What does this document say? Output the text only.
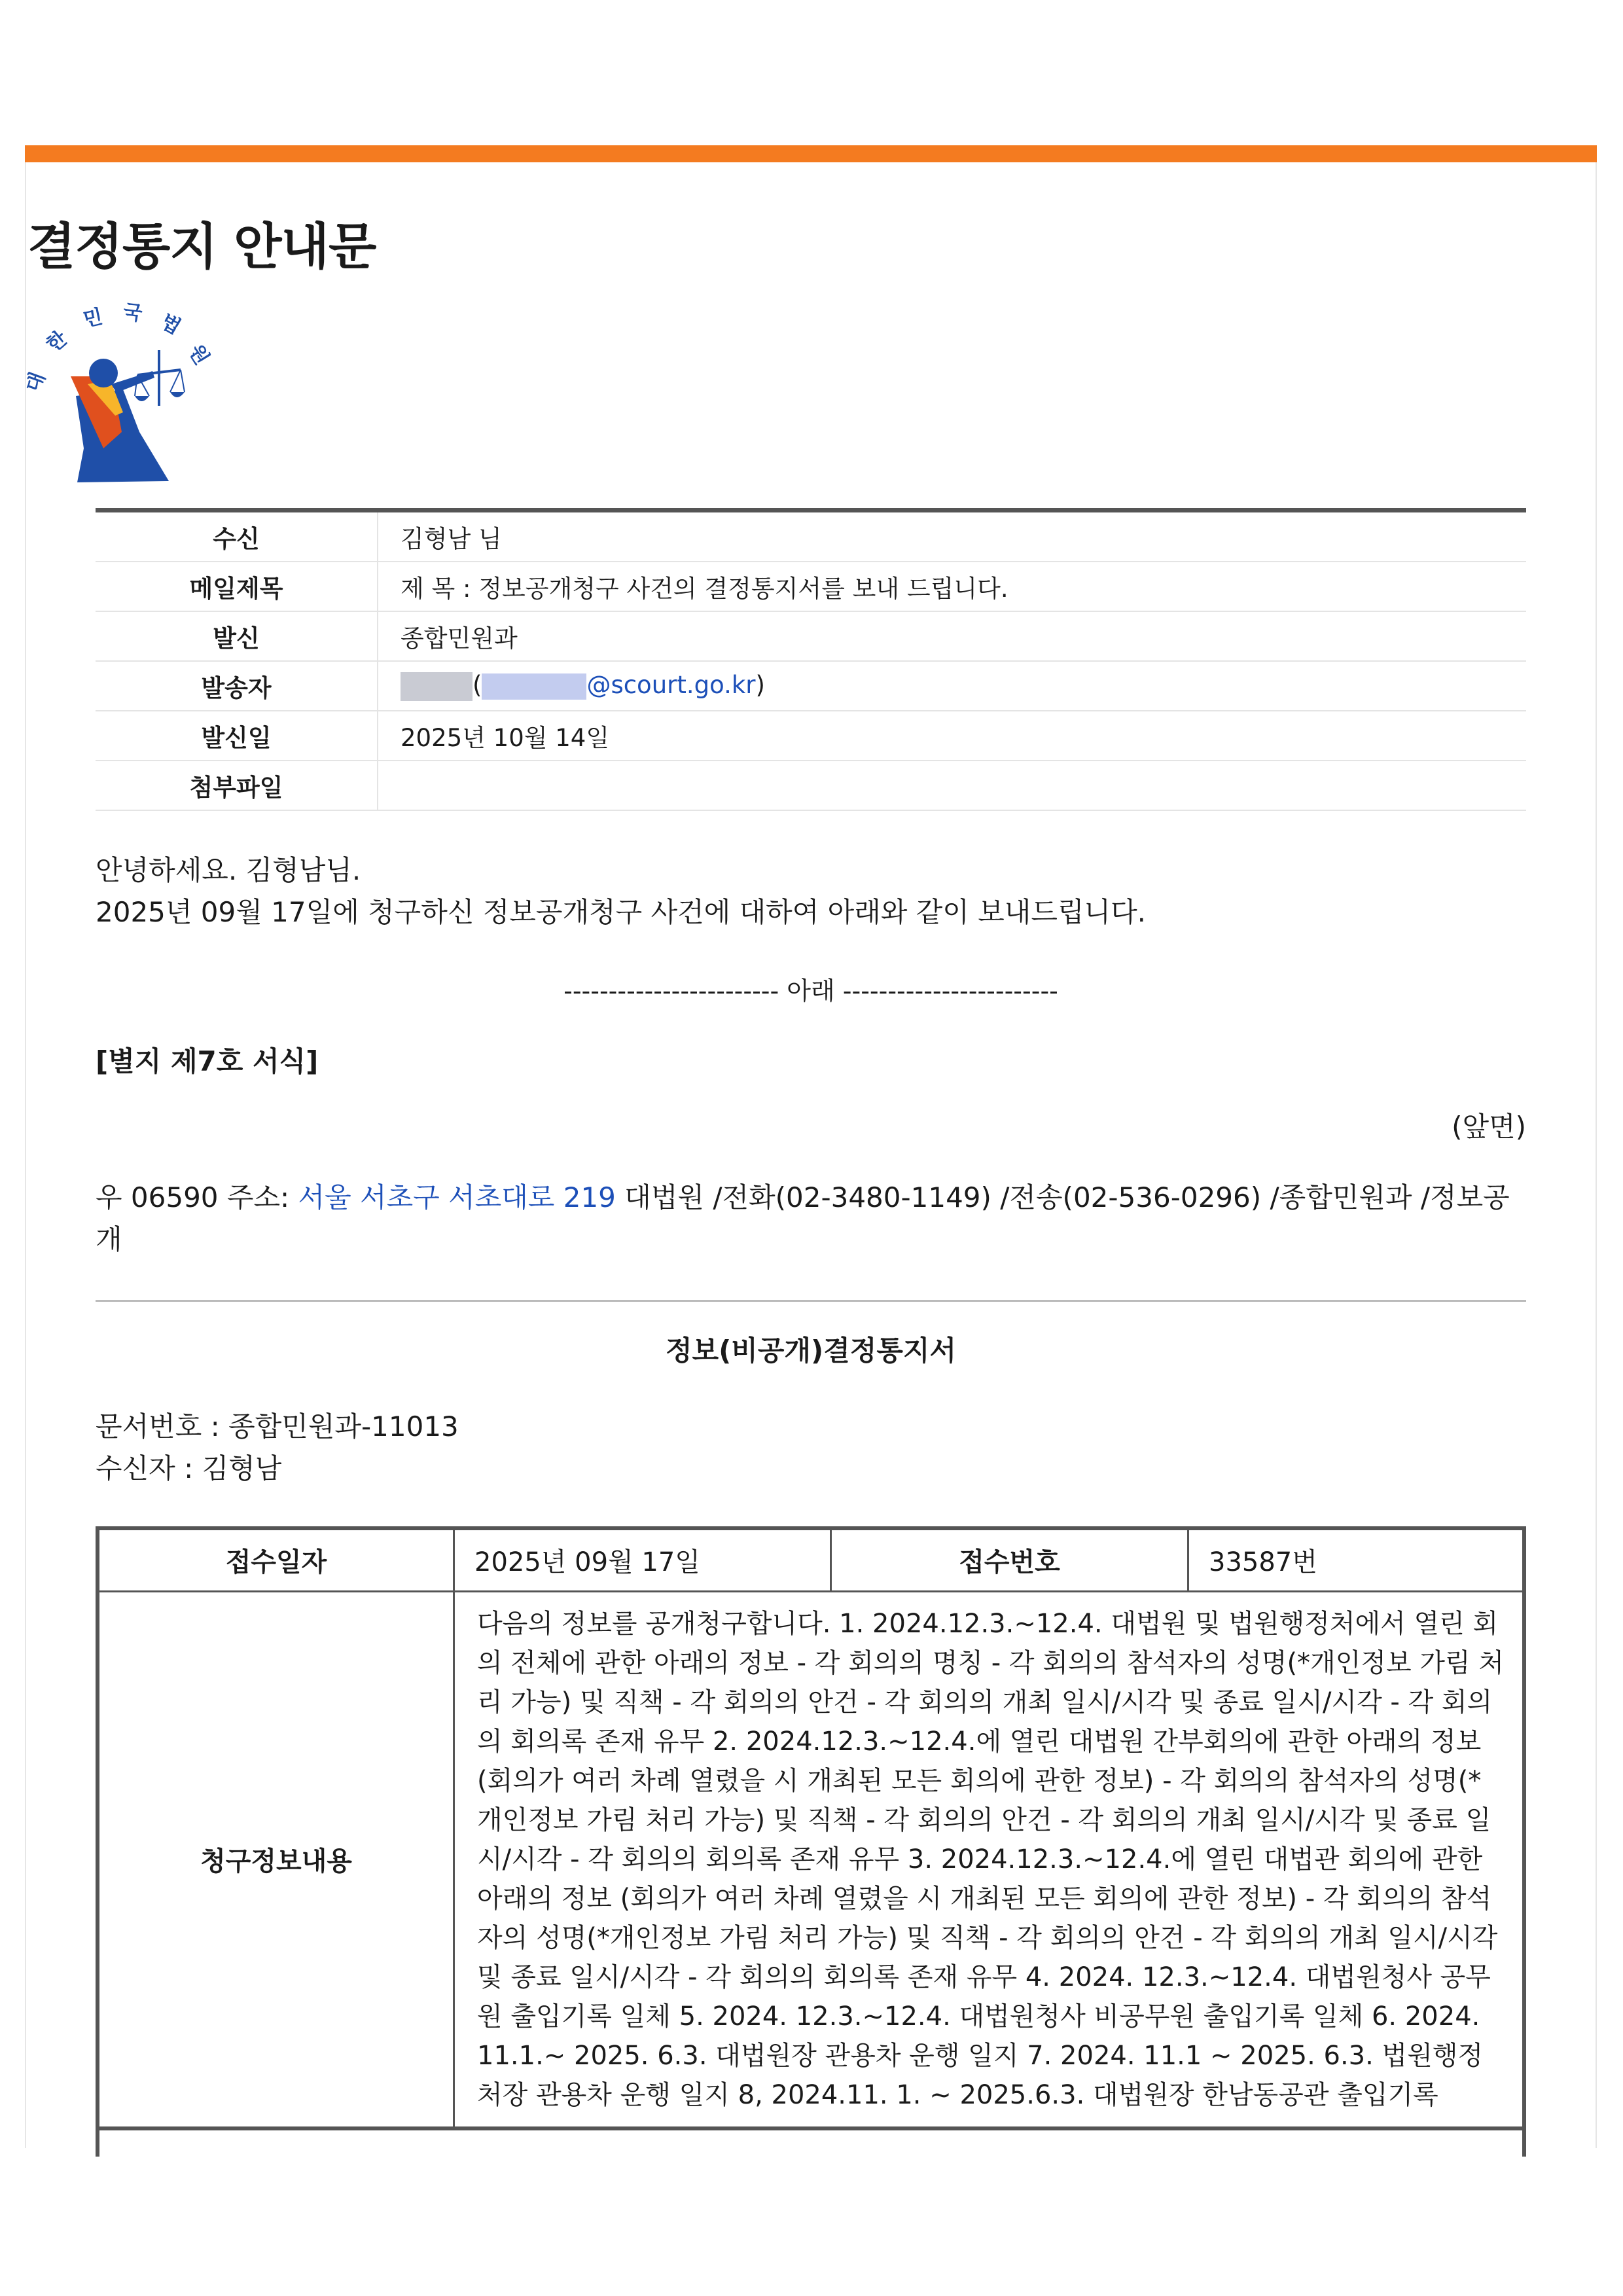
결정통지 안내문
대
한
민 국 법
원
수신	김형남 님
메일제목	제 목 : 정보공개청구 사건의 결정통지서를 보내 드립니다.
발신	종합민원과
발송자	( @scourt.go.kr)
발신일	2025년 10월 14일
첨부파일	
안녕하세요. 김형남님.
2025년 09월 17일에 청구하신 정보공개청구 사건에 대하여 아래와 같이 보내드립니다.
------------------------ 아래 ------------------------
[별지 제7호 서식]
(앞면)
우 06590 주소: 서울 서초구 서초대로 219 대법원 /전화(02-3480-1149) /전송(02-536-0296) /종합민원과 /정보공개
정보(비공개)결정통지서
문서번호 : 종합민원과-11013
수신자 : 김형남
접수일자	2025년 09월 17일	접수번호	33587번
청구정보내용	다음의 정보를 공개청구합니다. 1. 2024.12.3.~12.4. 대법원 및 법원행정처에서 열린 회의 전체에 관한 아래의 정보 - 각 회의의 명칭 - 각 회의의 참석자의 성명(*개인정보 가림 처리 가능) 및 직책 - 각 회의의 안건 - 각 회의의 개최 일시/시각 및 종료 일시/시각 - 각 회의의 회의록 존재 유무 2. 2024.12.3.~12.4.에 열린 대법원 간부회의에 관한 아래의 정보 (회의가 여러 차례 열렸을 시 개최된 모든 회의에 관한 정보) - 각 회의의 참석자의 성명(*개인정보 가림 처리 가능) 및 직책 - 각 회의의 안건 - 각 회의의 개최 일시/시각 및 종료 일시/시각 - 각 회의의 회의록 존재 유무 3. 2024.12.3.~12.4.에 열린 대법관 회의에 관한 아래의 정보 (회의가 여러 차례 열렸을 시 개최된 모든 회의에 관한 정보) - 각 회의의 참석자의 성명(*개인정보 가림 처리 가능) 및 직책 - 각 회의의 안건 - 각 회의의 개최 일시/시각 및 종료 일시/시각 - 각 회의의 회의록 존재 유무 4. 2024. 12.3.~12.4. 대법원청사 공무원 출입기록 일체 5. 2024. 12.3.~12.4. 대법원청사 비공무원 출입기록 일체 6. 2024. 11.1.~ 2025. 6.3. 대법원장 관용차 운행 일지 7. 2024. 11.1 ~ 2025. 6.3. 법원행정처장 관용차 운행 일지 8, 2024.11. 1. ~ 2025.6.3. 대법원장 한남동공관 출입기록		
